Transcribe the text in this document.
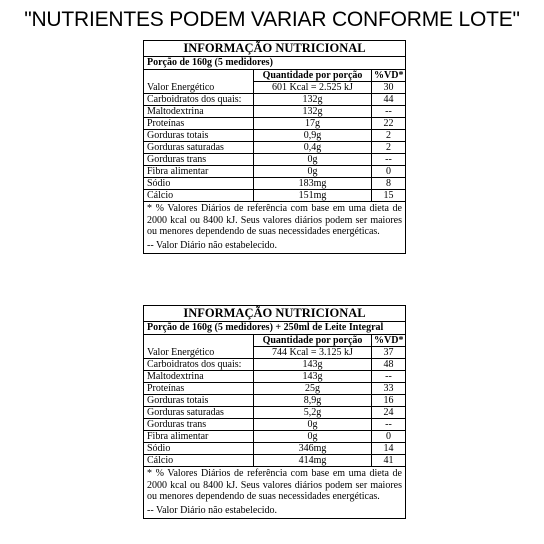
"NUTRIENTES PODEM VARIAR CONFORME LOTE"
INFORMAÇÃO NUTRICIONAL
Porção de 160g (5 medidores)
	Quantidade por porção	%VD*
Valor Energético	601 Kcal = 2.525 kJ	30
Carboidratos dos quais:	132g	44
Maltodextrina	132g	--
Proteínas	17g	22
Gorduras totais	0,9g	2
Gorduras saturadas	0,4g	2
Gorduras trans	0g	--
Fibra alimentar	0g	0
Sódio	183mg	8
Cálcio	151mg	15
* % Valores Diários de referência com base em uma dieta de 2000 kcal ou 8400 kJ. Seus valores diários podem ser maiores ou menores dependendo de suas necessidades energéticas.
-- Valor Diário não estabelecido.
INFORMAÇÃO NUTRICIONAL
Porção de 160g (5 medidores) + 250ml de Leite Integral
	Quantidade por porção	%VD*
Valor Energético	744 Kcal = 3.125 kJ	37
Carboidratos dos quais:	143g	48
Maltodextrina	143g	--
Proteínas	25g	33
Gorduras totais	8,9g	16
Gorduras saturadas	5,2g	24
Gorduras trans	0g	--
Fibra alimentar	0g	0
Sódio	346mg	14
Cálcio	414mg	41
* % Valores Diários de referência com base em uma dieta de 2000 kcal ou 8400 kJ. Seus valores diários podem ser maiores ou menores dependendo de suas necessidades energéticas.
-- Valor Diário não estabelecido.
